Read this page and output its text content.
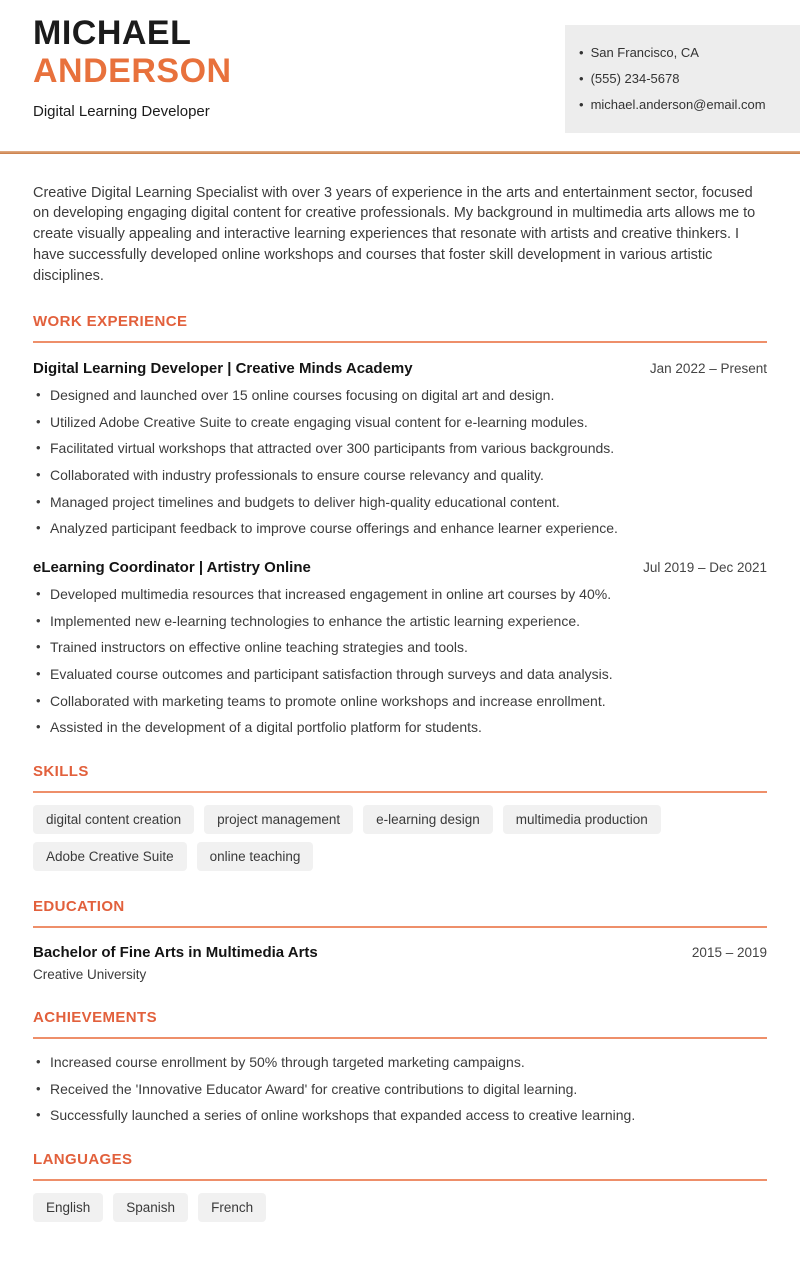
MICHAEL
ANDERSON
Digital Learning Developer
• San Francisco, CA
• (555) 234-5678
• michael.anderson@email.com

Creative Digital Learning Specialist with over 3 years of experience in the arts and entertainment sector, focused on developing engaging digital content for creative professionals. My background in multimedia arts allows me to create visually appealing and interactive learning experiences that resonate with artists and creative thinkers. I have successfully developed online workshops and courses that foster skill development in various artistic disciplines.

WORK EXPERIENCE
Digital Learning Developer | Creative Minds Academy	Jan 2022 – Present
• Designed and launched over 15 online courses focusing on digital art and design.
• Utilized Adobe Creative Suite to create engaging visual content for e-learning modules.
• Facilitated virtual workshops that attracted over 300 participants from various backgrounds.
• Collaborated with industry professionals to ensure course relevancy and quality.
• Managed project timelines and budgets to deliver high-quality educational content.
• Analyzed participant feedback to improve course offerings and enhance learner experience.
eLearning Coordinator | Artistry Online	Jul 2019 – Dec 2021
• Developed multimedia resources that increased engagement in online art courses by 40%.
• Implemented new e-learning technologies to enhance the artistic learning experience.
• Trained instructors on effective online teaching strategies and tools.
• Evaluated course outcomes and participant satisfaction through surveys and data analysis.
• Collaborated with marketing teams to promote online workshops and increase enrollment.
• Assisted in the development of a digital portfolio platform for students.
SKILLS
digital content creation	project management	e-learning design	multimedia production
Adobe Creative Suite	online teaching
EDUCATION
Bachelor of Fine Arts in Multimedia Arts	2015 – 2019
Creative University
ACHIEVEMENTS
• Increased course enrollment by 50% through targeted marketing campaigns.
• Received the 'Innovative Educator Award' for creative contributions to digital learning.
• Successfully launched a series of online workshops that expanded access to creative learning.
LANGUAGES
English	Spanish	French
